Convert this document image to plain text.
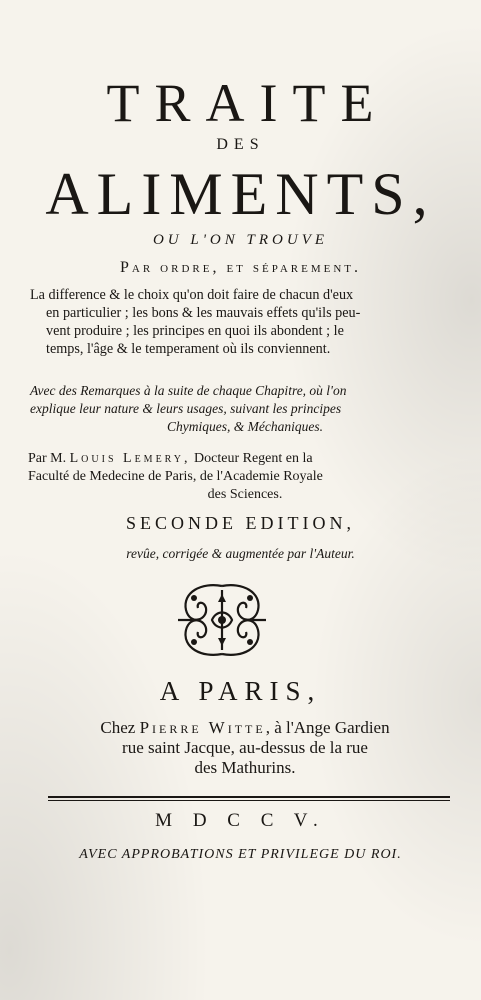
TRAITE
DES
ALIMENTS,
OU L'ON TROUVE
Par ordre, et séparement.
La difference & le choix qu'on doit faire de chacun d'eux
en particulier ; les bons & les mauvais effets qu'ils peu-
vent produire ; les principes en quoi ils abondent ; le
temps, l'âge & le temperament où ils conviennent.
Avec des Remarques à la suite de chaque Chapitre, où l'on
explique leur nature & leurs usages, suivant les principes
Chymiques, & Méchaniques.
Par M. Louis Lemery, Docteur Regent en la
Faculté de Medecine de Paris, de l'Academie Royale
des Sciences.
SECONDE EDITION,
revûe, corrigée & augmentée par l'Auteur.
A PARIS,
Chez Pierre Witte, à l'Ange Gardien
rue saint Jacque, au-dessus de la rue
des Mathurins.
M D C C V.
AVEC APPROBATIONS ET PRIVILEGE DU ROI.
